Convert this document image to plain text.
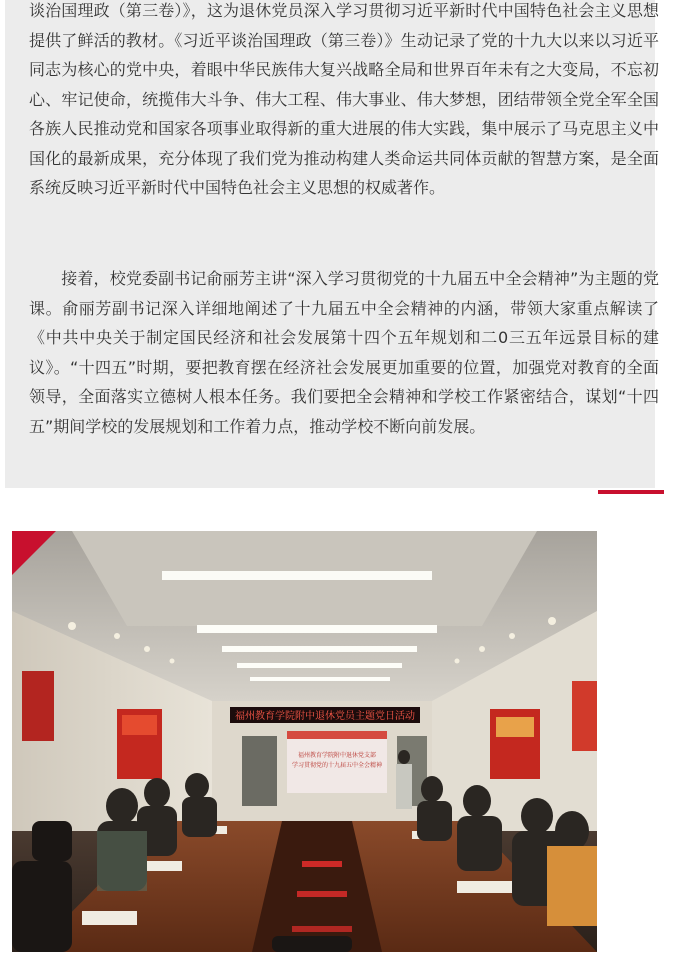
谈治国理政（第三卷）》，这为退休党员深入学习贯彻习近平新时代中国特色社会主义思想提供了鲜活的教材。《习近平谈治国理政（第三卷）》生动记录了党的十九大以来以习近平同志为核心的党中央，着眼中华民族伟大复兴战略全局和世界百年未有之大变局，不忘初心、牢记使命，统揽伟大斗争、伟大工程、伟大事业、伟大梦想，团结带领全党全军全国各族人民推动党和国家各项事业取得新的重大进展的伟大实践，集中展示了马克思主义中国化的最新成果，充分体现了我们党为推动构建人类命运共同体贡献的智慧方案，是全面系统反映习近平新时代中国特色社会主义思想的权威著作。

　　接着，校党委副书记俞丽芳主讲“深入学习贯彻党的十九届五中全会精神”为主题的党课。俞丽芳副书记深入详细地阐述了十九届五中全会精神的内涵，带领大家重点解读了《中共中央关于制定国民经济和社会发展第十四个五年规划和二0三五年远景目标的建议》。“十四五”时期，要把教育摆在经济社会发展更加重要的位置，加强党对教育的全面领导，全面落实立德树人根本任务。我们要把全会精神和学校工作紧密结合，谋划“十四五”期间学校的发展规划和工作着力点，推动学校不断向前发展。

福州教育学院附中退休党员主题党日活动
福州教育学院附中退休党支部
学习贯彻党的十九届五中全会精神
